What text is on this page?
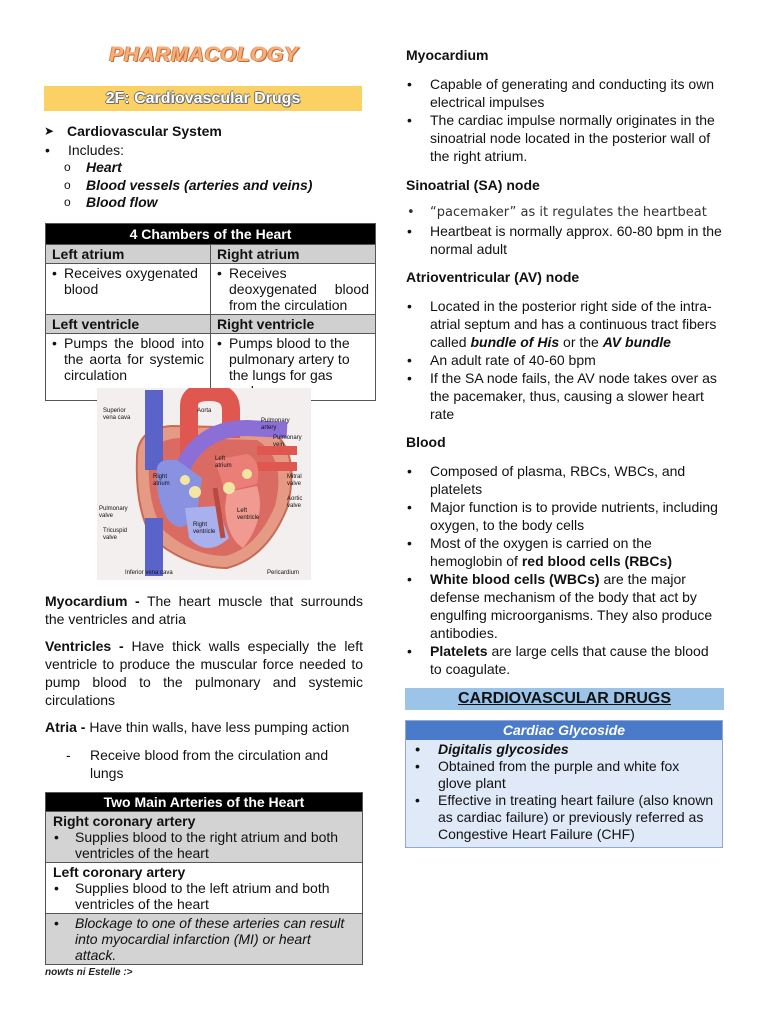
PHARMACOLOGY
2F: Cardiovascular Drugs
➤ Cardiovascular System
• Includes:
o Heart
o Blood vessels (arteries and veins)
o Blood flow
4 Chambers of the Heart	
Left atrium	Right atrium

• Receives oxygenated blood	• Receives deoxygenated blood from the circulation

Left ventricle	Right ventricle

• Pumps the blood into the aorta for systemic circulation	• Pumps blood to the pulmonary artery to the lungs for gas
Superior vena cava
Aorta
Pulmonary artery
Pulmonary vein
Left atrium
Mitral valve
Right atrium
Aortic valve
Pulmonary valve
Left ventricle
Right ventricle
Tricuspid valve
Inferior vena cava	Pericardium
Myocardium - The heart muscle that surrounds the ventricles and atria
Ventricles - Have thick walls especially the left ventricle to produce the muscular force needed to pump blood to the pulmonary and systemic circulations
Atria - Have thin walls, have less pumping action
-	Receive blood from the circulation and lungs
Two Main Arteries of the Heart

Right coronary artery
• Supplies blood to the right atrium and both ventricles of the heart

Left coronary artery
• Supplies blood to the left atrium and both ventricles of the heart

• Blockage to one of these arteries can result into myocardial infarction (MI) or heart attack.
nowts ni Estelle :>
Myocardium
• Capable of generating and conducting its own electrical impulses
• The cardiac impulse normally originates in the sinoatrial node located in the posterior wall of the right atrium.
Sinoatrial (SA) node
• “pacemaker” as it regulates the heartbeat
• Heartbeat is normally approx. 60-80 bpm in the normal adult
Atrioventricular (AV) node
• Located in the posterior right side of the intra-atrial septum and has a continuous tract fibers called bundle of His or the AV bundle
• An adult rate of 40-60 bpm
• If the SA node fails, the AV node takes over as the pacemaker, thus, causing a slower heart rate
Blood
• Composed of plasma, RBCs, WBCs, and platelets
• Major function is to provide nutrients, including oxygen, to the body cells
• Most of the oxygen is carried on the hemoglobin of red blood cells (RBCs)
• White blood cells (WBCs) are the major defense mechanism of the body that act by engulfing microorganisms. They also produce antibodies.
• Platelets are large cells that cause the blood to coagulate.
CARDIOVASCULAR DRUGS
Cardiac Glycoside
• Digitalis glycosides
• Obtained from the purple and white fox glove plant
• Effective in treating heart failure (also known as cardiac failure) or previously referred as Congestive Heart Failure (CHF)
